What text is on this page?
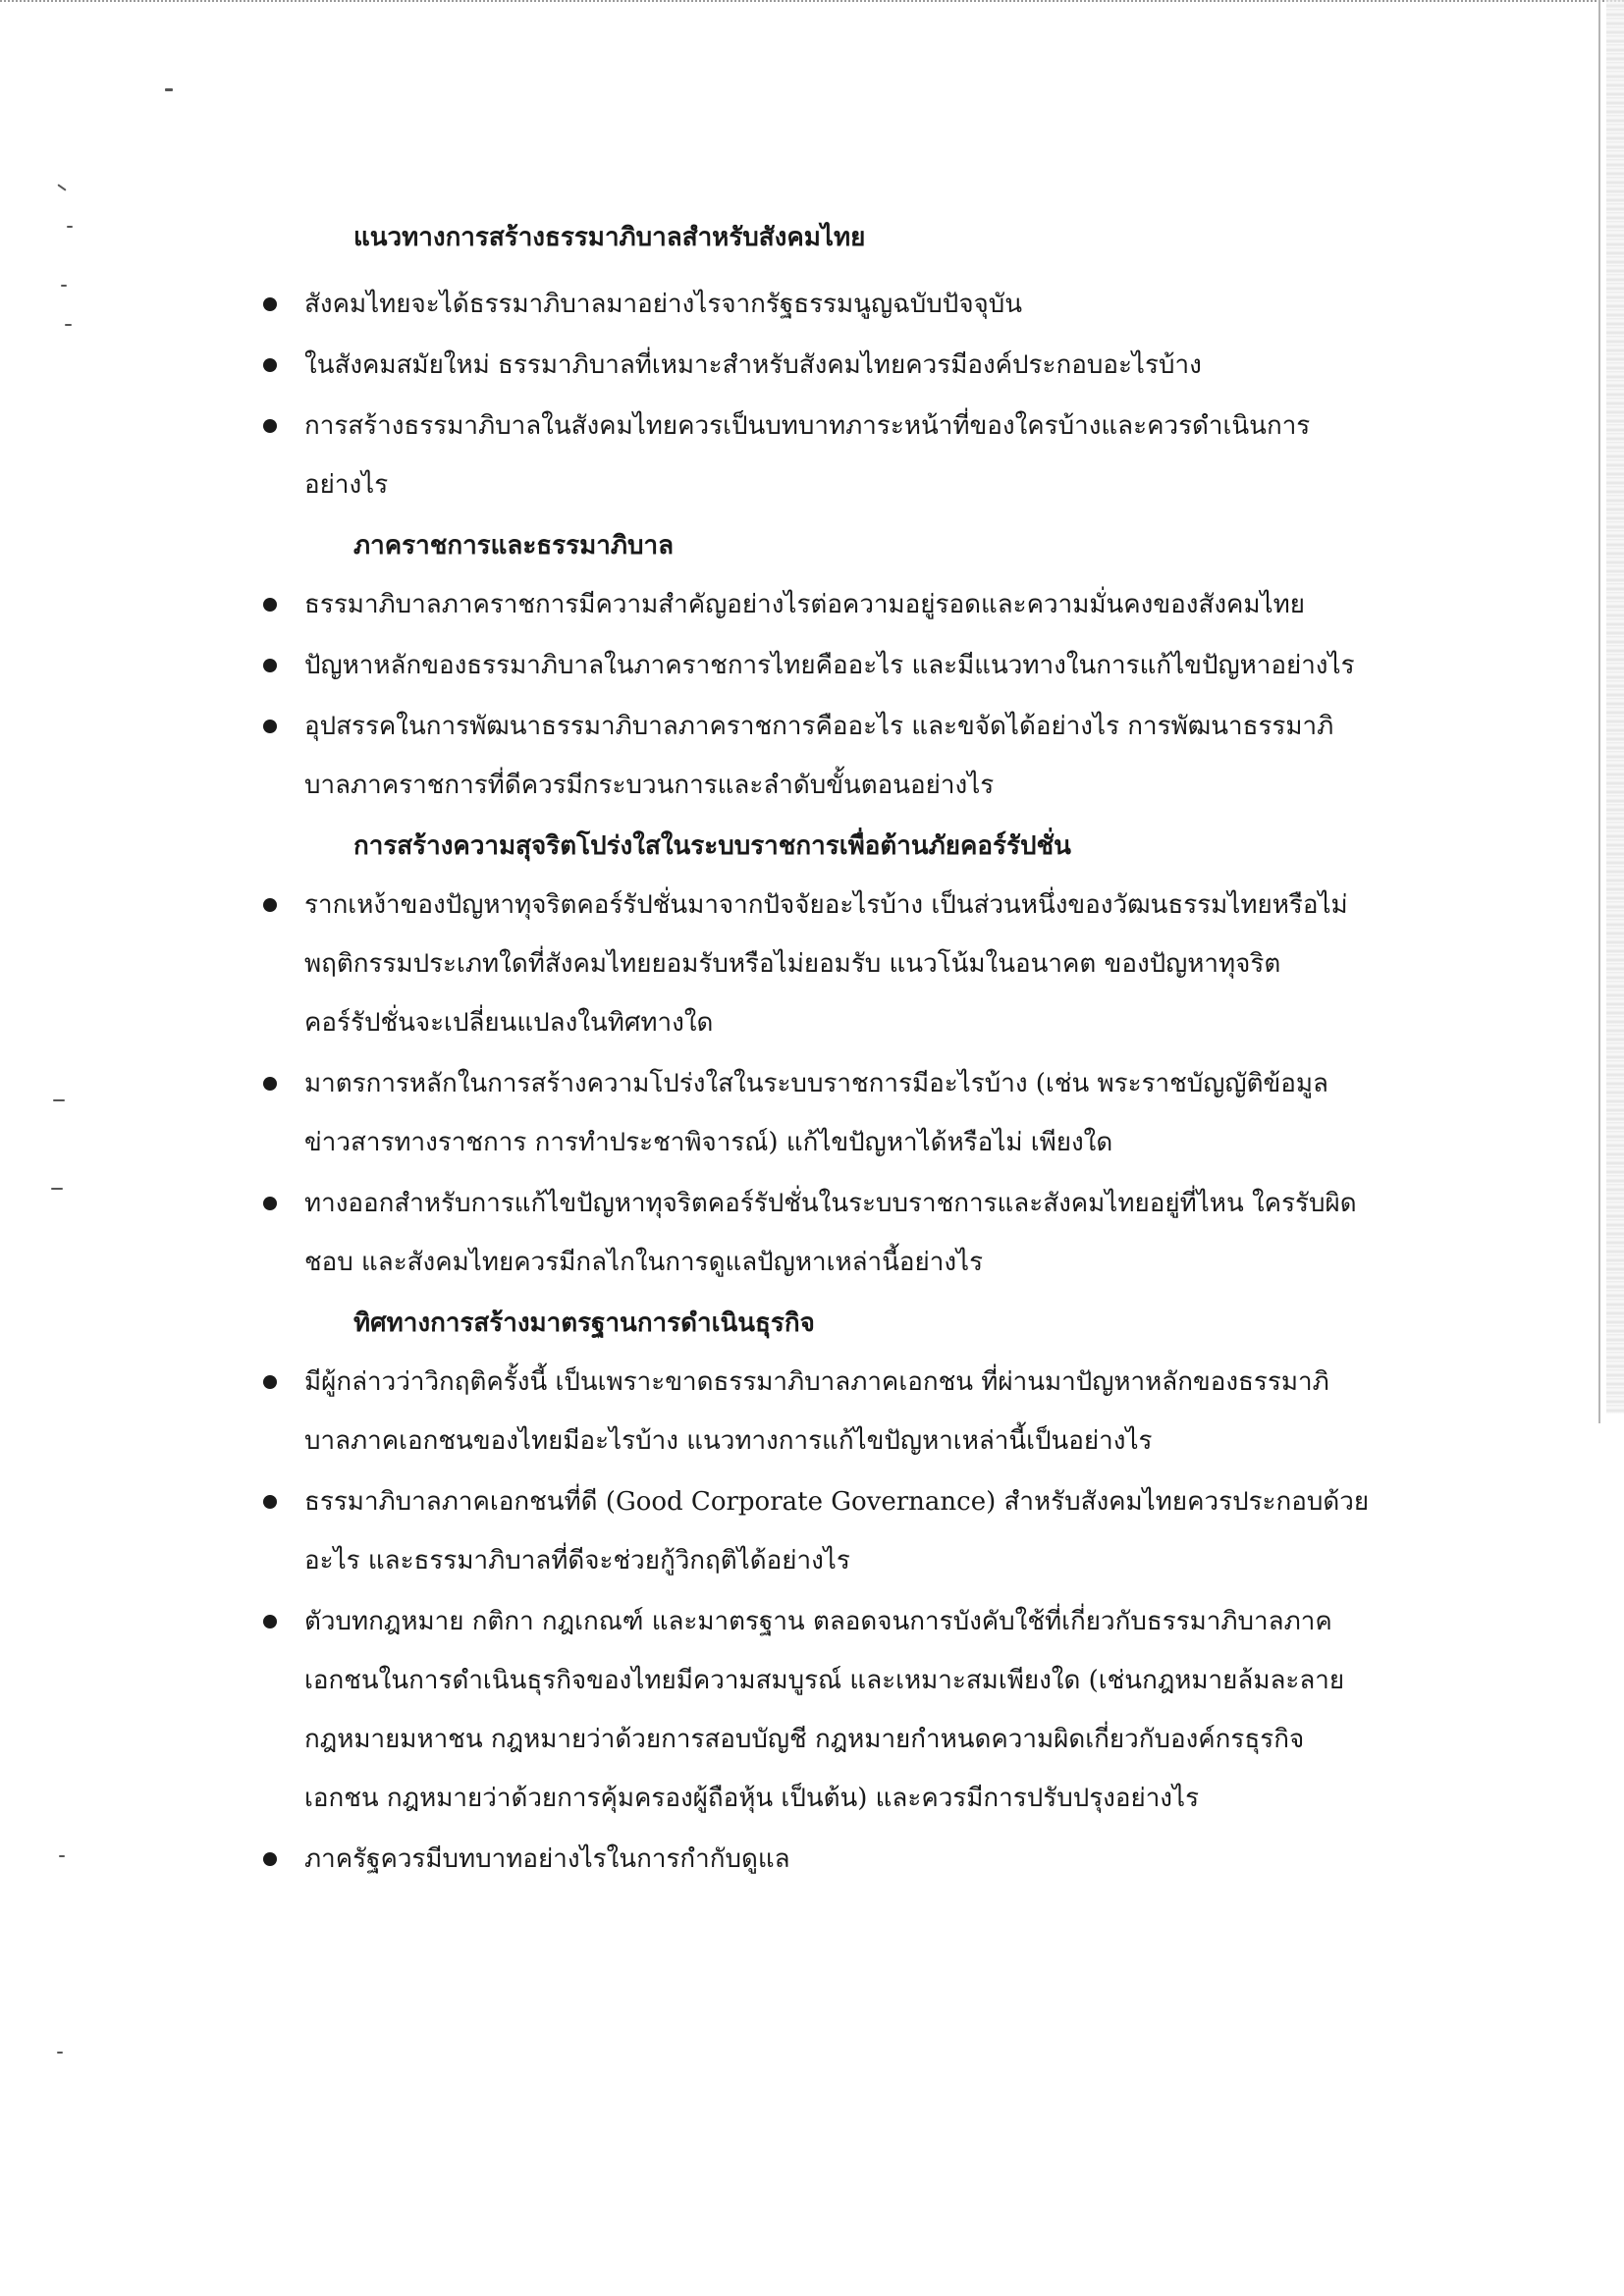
แนวทางการสร้างธรรมาภิบาลสำหรับสังคมไทย
สังคมไทยจะได้ธรรมาภิบาลมาอย่างไรจากรัฐธรรมนูญฉบับปัจจุบัน
ในสังคมสมัยใหม่ ธรรมาภิบาลที่เหมาะสำหรับสังคมไทยควรมีองค์ประกอบอะไรบ้าง
การสร้างธรรมาภิบาลในสังคมไทยควรเป็นบทบาทภาระหน้าที่ของใครบ้างและควรดำเนินการอย่างไร
ภาคราชการและธรรมาภิบาล
ธรรมาภิบาลภาคราชการมีความสำคัญอย่างไรต่อความอยู่รอดและความมั่นคงของสังคมไทย
ปัญหาหลักของธรรมาภิบาลในภาคราชการไทยคืออะไร และมีแนวทางในการแก้ไขปัญหาอย่างไร
อุปสรรคในการพัฒนาธรรมาภิบาลภาคราชการคืออะไร และขจัดได้อย่างไร การพัฒนาธรรมาภิบาลภาคราชการที่ดีควรมีกระบวนการและลำดับขั้นตอนอย่างไร
การสร้างความสุจริตโปร่งใสในระบบราชการเพื่อต้านภัยคอร์รัปชั่น
รากเหง้าของปัญหาทุจริตคอร์รัปชั่นมาจากปัจจัยอะไรบ้าง เป็นส่วนหนึ่งของวัฒนธรรมไทยหรือไม่ พฤติกรรมประเภทใดที่สังคมไทยยอมรับหรือไม่ยอมรับ แนวโน้มในอนาคต ของปัญหาทุจริตคอร์รัปชั่นจะเปลี่ยนแปลงในทิศทางใด
มาตรการหลักในการสร้างความโปร่งใสในระบบราชการมีอะไรบ้าง (เช่น พระราชบัญญัติข้อมูลข่าวสารทางราชการ การทำประชาพิจารณ์) แก้ไขปัญหาได้หรือไม่ เพียงใด
ทางออกสำหรับการแก้ไขปัญหาทุจริตคอร์รัปชั่นในระบบราชการและสังคมไทยอยู่ที่ไหน ใครรับผิดชอบ และสังคมไทยควรมีกลไกในการดูแลปัญหาเหล่านี้อย่างไร
ทิศทางการสร้างมาตรฐานการดำเนินธุรกิจ
มีผู้กล่าวว่าวิกฤติครั้งนี้ เป็นเพราะขาดธรรมาภิบาลภาคเอกชน ที่ผ่านมาปัญหาหลักของธรรมาภิบาลภาคเอกชนของไทยมีอะไรบ้าง แนวทางการแก้ไขปัญหาเหล่านี้เป็นอย่างไร
ธรรมาภิบาลภาคเอกชนที่ดี (Good Corporate Governance) สำหรับสังคมไทยควรประกอบด้วยอะไร และธรรมาภิบาลที่ดีจะช่วยกู้วิกฤติได้อย่างไร
ตัวบทกฎหมาย กติกา กฎเกณฑ์ และมาตรฐาน ตลอดจนการบังคับใช้ที่เกี่ยวกับธรรมาภิบาลภาคเอกชนในการดำเนินธุรกิจของไทยมีความสมบูรณ์ และเหมาะสมเพียงใด (เช่นกฎหมายล้มละลาย กฎหมายมหาชน กฎหมายว่าด้วยการสอบบัญชี กฎหมายกำหนดความผิดเกี่ยวกับองค์กรธุรกิจเอกชน กฎหมายว่าด้วยการคุ้มครองผู้ถือหุ้น เป็นต้น) และควรมีการปรับปรุงอย่างไร
ภาครัฐควรมีบทบาทอย่างไรในการกำกับดูแล
